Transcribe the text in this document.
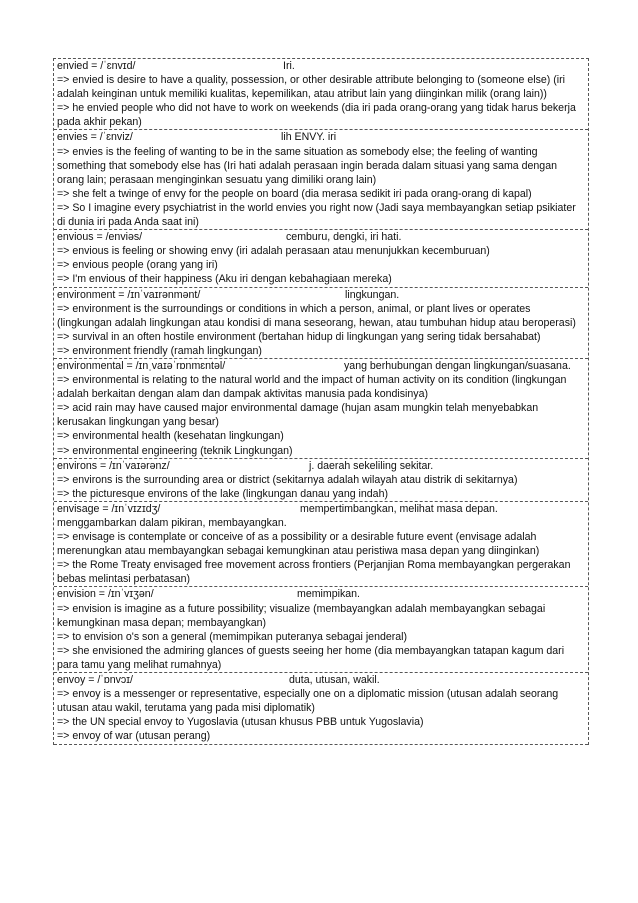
envied = /ˈɛnvɪd/	Iri.
=> envied is desire to have a quality, possession, or other desirable attribute belonging to (someone else) (iri adalah keinginan untuk memiliki kualitas, kepemilikan, atau atribut lain yang diinginkan milik (orang lain))
=> he envied people who did not have to work on weekends (dia iri pada orang-orang yang tidak harus bekerja pada akhir pekan)
envies = /ˈɛnviz/	lih ENVY. iri
=> envies is the feeling of wanting to be in the same situation as somebody else; the feeling of wanting something that somebody else has (Iri hati adalah perasaan ingin berada dalam situasi yang sama dengan orang lain; perasaan menginginkan sesuatu yang dimiliki orang lain)
=> she felt a twinge of envy for the people on board (dia merasa sedikit iri pada orang-orang di kapal)
=> So I imagine every psychiatrist in the world envies you right now (Jadi saya membayangkan setiap psikiater di dunia iri pada Anda saat ini)
envious = /enviəs/	cemburu, dengki, iri hati.
=> envious is feeling or showing envy (iri adalah perasaan atau menunjukkan kecemburuan)
=> envious people (orang yang iri)
=> I'm envious of their happiness (Aku iri dengan kebahagiaan mereka)
environment = /ɪnˈvaɪrənmənt/	lingkungan.
=> environment is the surroundings or conditions in which a person, animal, or plant lives or operates (lingkungan adalah lingkungan atau kondisi di mana seseorang, hewan, atau tumbuhan hidup atau beroperasi)
=> survival in an often hostile environment (bertahan hidup di lingkungan yang sering tidak bersahabat)
=> environment friendly (ramah lingkungan)
environmental = /ɪnˌvaɪəˈrɒnmɛntəl/	yang berhubungan dengan lingkungan/suasana.
=> environmental is relating to the natural world and the impact of human activity on its condition (lingkungan adalah berkaitan dengan alam dan dampak aktivitas manusia pada kondisinya)
=> acid rain may have caused major environmental damage (hujan asam mungkin telah menyebabkan kerusakan lingkungan yang besar)
=> environmental health (kesehatan lingkungan)
=> environmental engineering (teknik Lingkungan)
environs = /ɪnˈvaɪərənz/	j. daerah sekeliling sekitar.
=> environs is the surrounding area or district (sekitarnya adalah wilayah atau distrik di sekitarnya)
=> the picturesque environs of the lake (lingkungan danau yang indah)
envisage = /ɪnˈvɪzɪdʒ/	mempertimbangkan, melihat masa depan.
menggambarkan dalam pikiran, membayangkan.
=> envisage is contemplate or conceive of as a possibility or a desirable future event (envisage adalah merenungkan atau membayangkan sebagai kemungkinan atau peristiwa masa depan yang diinginkan)
=> the Rome Treaty envisaged free movement across frontiers (Perjanjian Roma membayangkan pergerakan bebas melintasi perbatasan)
envision = /ɪnˈvɪʒən/	memimpikan.
=> envision is imagine as a future possibility; visualize (membayangkan adalah membayangkan sebagai kemungkinan masa depan; membayangkan)
=> to envision o's son a general (memimpikan puteranya sebagai jenderal)
=> she envisioned the admiring glances of guests seeing her home (dia membayangkan tatapan kagum dari para tamu yang melihat rumahnya)
envoy = /ˈɒnvɔɪ/	duta, utusan, wakil.
=> envoy is a messenger or representative, especially one on a diplomatic mission (utusan adalah seorang utusan atau wakil, terutama yang pada misi diplomatik)
=> the UN special envoy to Yugoslavia (utusan khusus PBB untuk Yugoslavia)
=> envoy of war (utusan perang)
